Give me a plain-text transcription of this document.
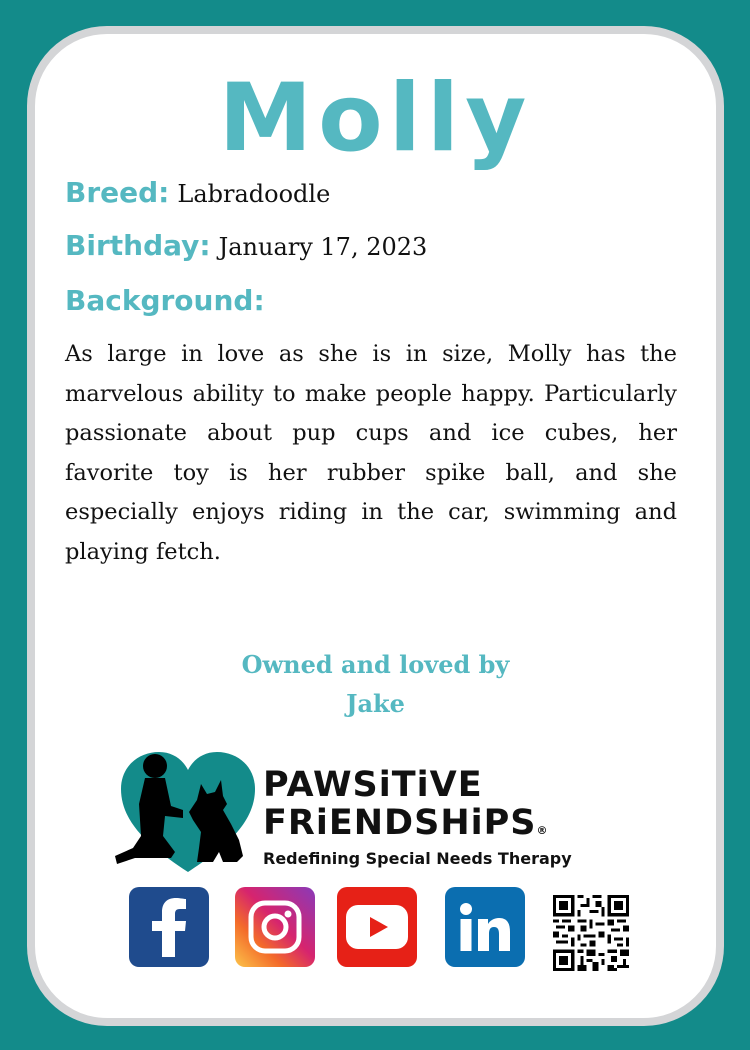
Molly
Breed: Labradoodle
Birthday: January 17, 2023
Background:

As large in love as she is in size, Molly has the marvelous ability to make people happy. Particularly passionate about pup cups and ice cubes, her favorite toy is her rubber spike ball, and she especially enjoys riding in the car, swimming and playing fetch.

Owned and loved by
Jake
PAWSiTiVE
FRiENDSHiPS®
Redefining Special Needs Therapy
